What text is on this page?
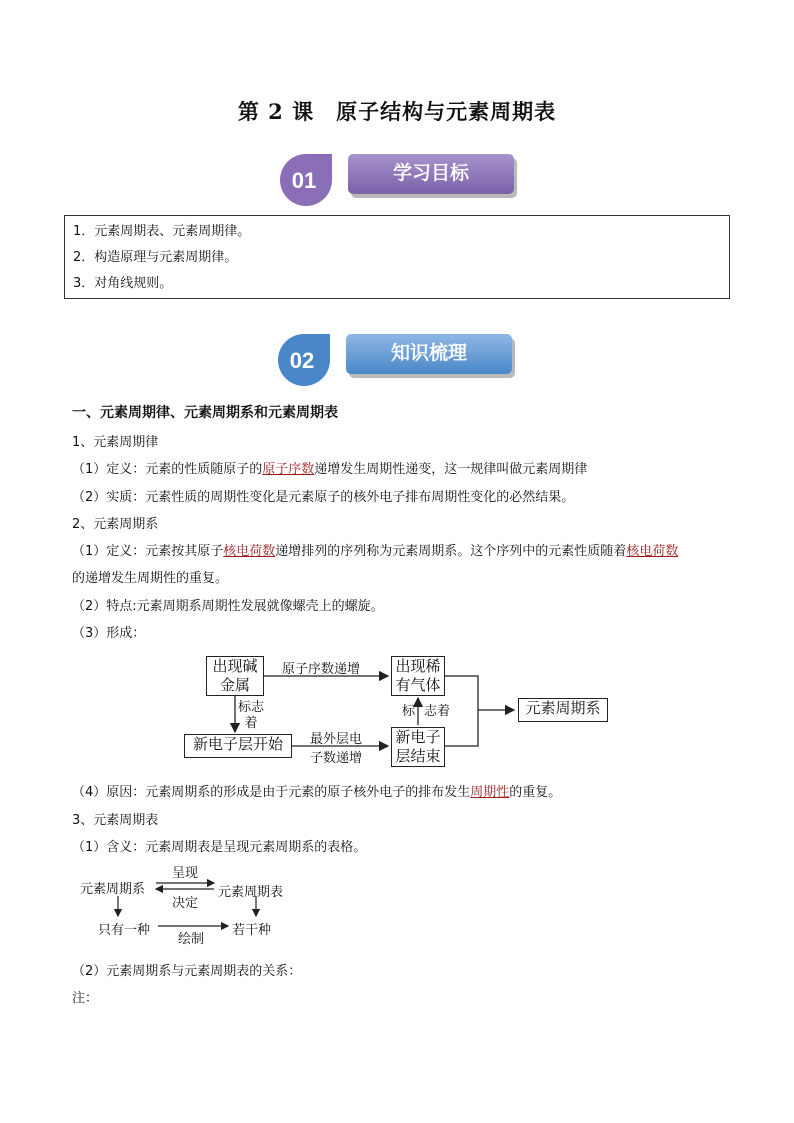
第 2 课　原子结构与元素周期表
01	学习目标
1．元素周期表、元素周期律。
2．构造原理与元素周期律。
3．对角线规则。
02	知识梳理
一、元素周期律、元素周期系和元素周期表
1、元素周期律
（1）定义：元素的性质随原子的原子序数递增发生周期性递变，这一规律叫做元素周期律
（2）实质：元素性质的周期性变化是元素原子的核外电子排布周期性变化的必然结果。
2、元素周期系
（1）定义：元素按其原子核电荷数递增排列的序列称为元素周期系。这个序列中的元素性质随着核电荷数
的递增发生周期性的重复。
（2）特点:元素周期系周期性发展就像螺壳上的螺旋。
（3）形成：
出现碱金属
出现稀有气体
新电子层开始	新电子层结束
元素周期系
原子序数递增
标志着
标 志着
最外层电
子数递增
（4）原因：元素周期系的形成是由于元素的原子核外电子的排布发生周期性的重复。
3、元素周期表
（1）含义：元素周期表是呈现元素周期系的表格。
元素周期系	元素周期表
呈现
决定
只有一种	若干种
绘制
（2）元素周期系与元素周期表的关系：
注：
